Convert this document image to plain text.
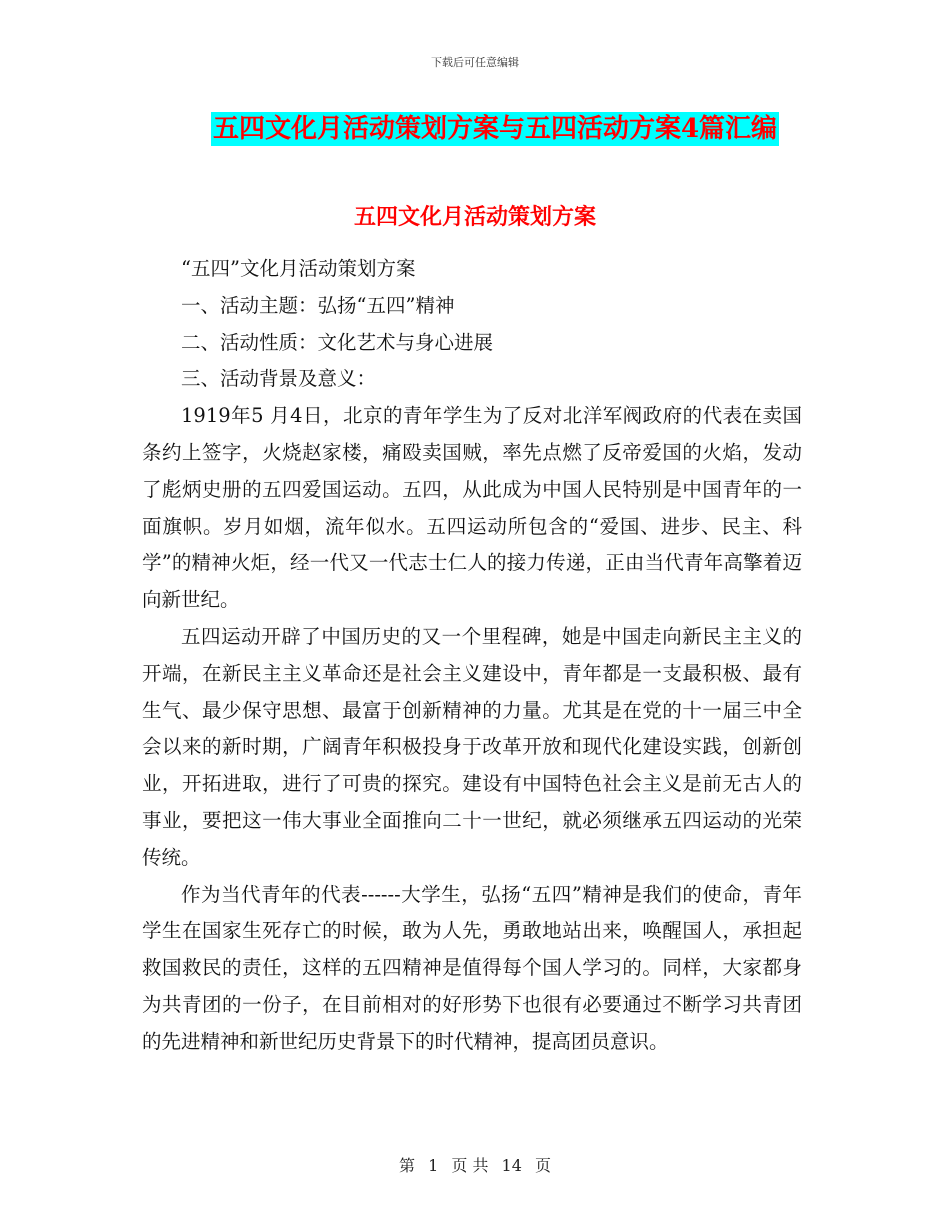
下载后可任意编辑
五四文化月活动策划方案与五四活动方案4篇汇编
五四文化月活动策划方案

“五四”文化月活动策划方案

一、活动主题：弘扬“五四”精神

二、活动性质：文化艺术与身心进展

三、活动背景及意义：

1919年5 月4日，北京的青年学生为了反对北洋军阀政府的代表在卖国条约上签字，火烧赵家楼，痛殴卖国贼，率先点燃了反帝爱国的火焰，发动了彪炳史册的五四爱国运动。五四，从此成为中国人民特别是中国青年的一面旗帜。岁月如烟，流年似水。五四运动所包含的“爱国、进步、民主、科学”的精神火炬，经一代又一代志士仁人的接力传递，正由当代青年高擎着迈向新世纪。

五四运动开辟了中国历史的又一个里程碑，她是中国走向新民主主义的开端，在新民主主义革命还是社会主义建设中，青年都是一支最积极、最有生气、最少保守思想、最富于创新精神的力量。尤其是在党的十一届三中全会以来的新时期，广阔青年积极投身于改革开放和现代化建设实践，创新创业，开拓进取，进行了可贵的探究。建设有中国特色社会主义是前无古人的事业，要把这一伟大事业全面推向二十一世纪，就必须继承五四运动的光荣传统。

作为当代青年的代表------大学生，弘扬“五四”精神是我们的使命，青年学生在国家生死存亡的时候，敢为人先，勇敢地站出来，唤醒国人，承担起救国救民的责任，这样的五四精神是值得每个国人学习的。同样，大家都身为共青团的一份子，在目前相对的好形势下也很有必要通过不断学习共青团的先进精神和新世纪历史背景下的时代精神，提高团员意识。

第 1 页 共 14 页
